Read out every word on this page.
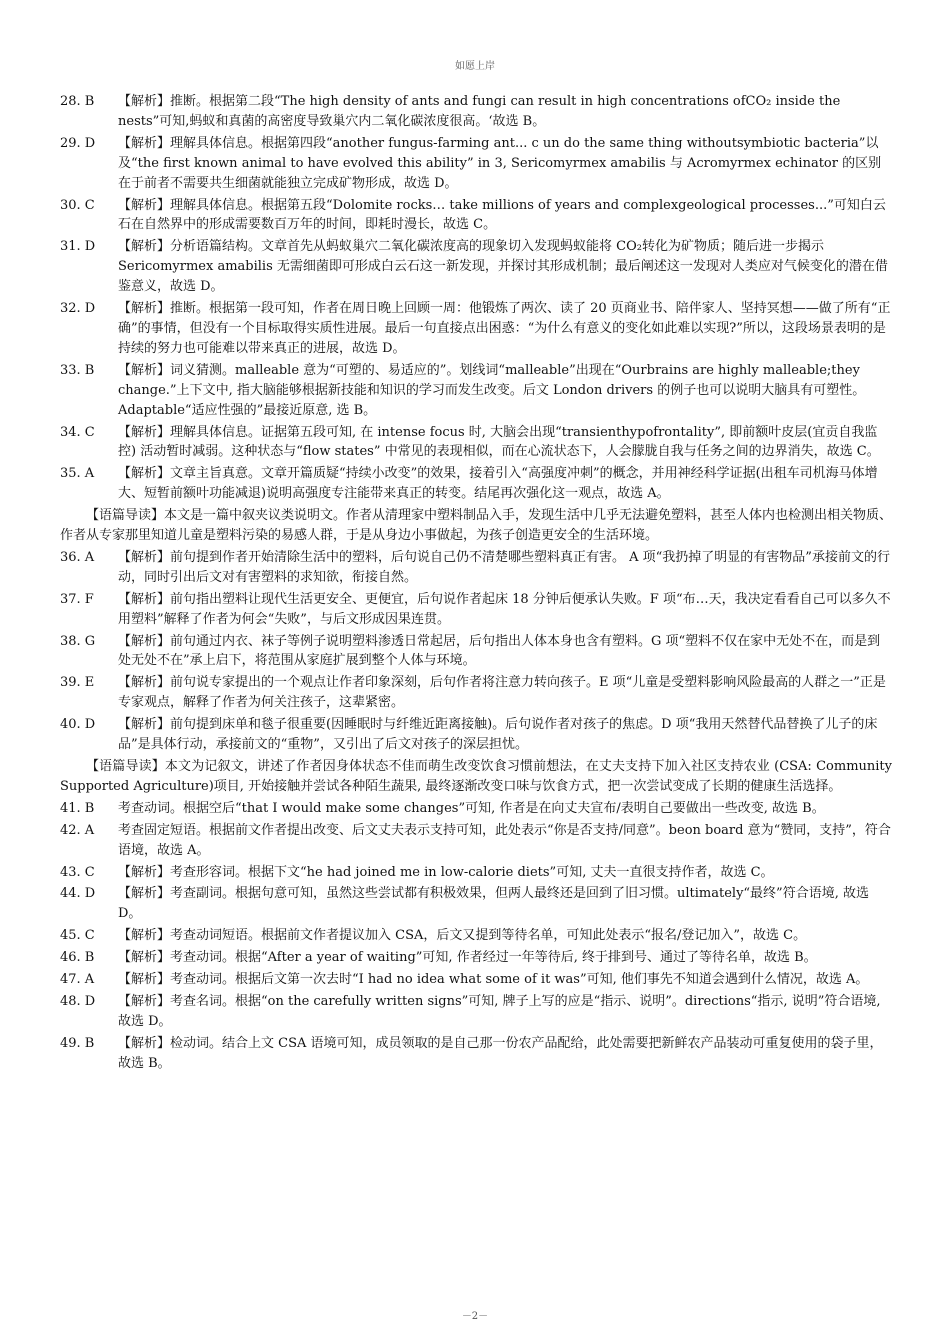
如愿上岸
28. B 【解析】推断。根据第二段“The high density of ants and fungi can result in high concentrations ofCO₂ inside the nests”可知,蚂蚁和真菌的高密度导致巢穴内二氧化碳浓度很高。‘故选 B。
29. D 【解析】理解具体信息。根据第四段“another fungus-farming ant... c un do the same thing withoutsymbiotic bacteria”以及“the first known animal to have evolved this ability” in 3, Sericomyrmex amabilis 与 Acromyrmex echinator 的区别在于前者不需要共生细菌就能独立完成矿物形成，故选 D。
30. C 【解析】理解具体信息。根据第五段“Dolomite rocks… take millions of years and complexgeological processes...”可知白云石在自然界中的形成需要数百万年的时间，即耗时漫长，故选 C。
31. D 【解析】分析语篇结构。文章首先从蚂蚁巢穴二氧化碳浓度高的现象切入发现蚂蚁能将 CO₂转化为矿物质；随后进一步揭示 Sericomyrmex amabilis 无需细菌即可形成白云石这一新发现，并探讨其形成机制；最后阐述这一发现对人类应对气候变化的潜在借鉴意义，故选 D。
32. D 【解析】推断。根据第一段可知，作者在周日晚上回顾一周：他锻炼了两次、读了 20 页商业书、陪伴家人、坚持冥想——做了所有“正确”的事情，但没有一个目标取得实质性进展。最后一句直接点出困惑：“为什么有意义的变化如此难以实现?”所以，这段场景表明的是持续的努力也可能难以带来真正的进展，故选 D。
33. B 【解析】词义猜测。malleable 意为“可塑的、易适应的”。划线词“malleable”出现在“Ourbrains are highly malleable;they change.”上下文中, 指大脑能够根据新技能和知识的学习而发生改变。后文 London drivers 的例子也可以说明大脑具有可塑性。Adaptable“适应性强的”最接近原意, 选 B。
34. C 【解析】理解具体信息。证据第五段可知, 在 intense focus 时, 大脑会出现“transienthypofrontality”, 即前额叶皮层(宜贡自我监控) 活动暂时减弱。这种状态与“flow states” 中常见的表现相似，而在心流状态下，人会朦胧自我与任务之间的边界消失，故选 C。
35. A 【解析】文章主旨真意。文章开篇质疑“持续小改变”的效果，接着引入“高强度冲刺”的概念，并用神经科学证据(出租车司机海马体增大、短暂前额叶功能减退)说明高强度专注能带来真正的转变。结尾再次强化这一观点，故选 A。

【语篇导读】本文是一篇中叙夹议类说明文。作者从清理家中塑料制品入手，发现生活中几乎无法避免塑料，甚至人体内也检测出相关物质、作者从专家那里知道儿童是塑料污染的易感人群，于是从身边小事做起，为孩子创造更安全的生活环境。

36. A 【解析】前句提到作者开始清除生活中的塑料，后句说自己仍不清楚哪些塑料真正有害。 A 项“我扔掉了明显的有害物品”承接前文的行动，同时引出后文对有害塑料的求知欲，衔接自然。
37. F 【解析】前句指出塑料让现代生活更安全、更便宜，后句说作者起床 18 分钟后便承认失败。F 项“布…天，我决定看看自己可以多久不用塑料”解释了作者为何会“失败”，与后文形成因果连贯。
38. G 【解析】前句通过内衣、袜子等例子说明塑料渗透日常起居，后句指出人体本身也含有塑料。G 项“塑料不仅在家中无处不在，而是到处无处不在”承上启下，将范围从家庭扩展到整个人体与环境。
39. E 【解析】前句说专家提出的一个观点让作者印象深刻，后句作者将注意力转向孩子。E 项“儿童是受塑料影响风险最高的人群之一”正是专家观点，解释了作者为何关注孩子，这辈紧密。
40. D 【解析】前句提到床单和毯子很重要(因睡眠时与纤维近距离接触)。后句说作者对孩子的焦虑。D 项“我用天然替代品替换了儿子的床品”是具体行动，承接前文的“重物”，又引出了后文对孩子的深层担忧。

【语篇导读】本文为记叙文，讲述了作者因身体状态不佳而萌生改变饮食习惯前想法，在丈夫支持下加入社区支持农业 (CSA: Community Supported Agriculture)项目, 开始接触并尝试各种陌生蔬果, 最终逐渐改变口味与饮食方式，把一次尝试变成了长期的健康生活选择。

41. B 考查动词。根据空后“that I would make some changes”可知, 作者是在向丈夫宣布/表明自己要做出一些改变, 故选 B。
42. A 考查固定短语。根据前文作者提出改变、后文丈夫表示支持可知，此处表示“你是否支持/同意”。beon board 意为“赞同，支持”，符合语境，故选 A。
43. C 【解析】考查形容词。根据下文“he had joined me in low-calorie diets”可知, 丈夫一直很支持作者，故选 C。
44. D 【解析】考查副词。根据句意可知，虽然这些尝试都有积极效果，但两人最终还是回到了旧习惯。ultimately“最终”符合语境, 故选 D。
45. C 【解析】考查动词短语。根据前文作者提议加入 CSA，后文又提到等待名单，可知此处表示“报名/登记加入”，故选 C。
46. B 【解析】考查动词。根据“After a year of waiting”可知, 作者经过一年等待后, 终于排到号、通过了等待名单，故选 B。
47. A 【解析】考查动词。根据后文第一次去时“I had no idea what some of it was”可知, 他们事先不知道会遇到什么情况，故选 A。
48. D 【解析】考查名词。根据“on the carefully written signs”可知, 牌子上写的应是“指示、说明”。directions“指示, 说明”符合语境, 故选 D。
49. B 【解析】检动词。结合上文 CSA 语境可知，成员领取的是自己那一份农产品配给，此处需要把新鲜农产品装动可重复使用的袋子里，故选 B。
－2－
